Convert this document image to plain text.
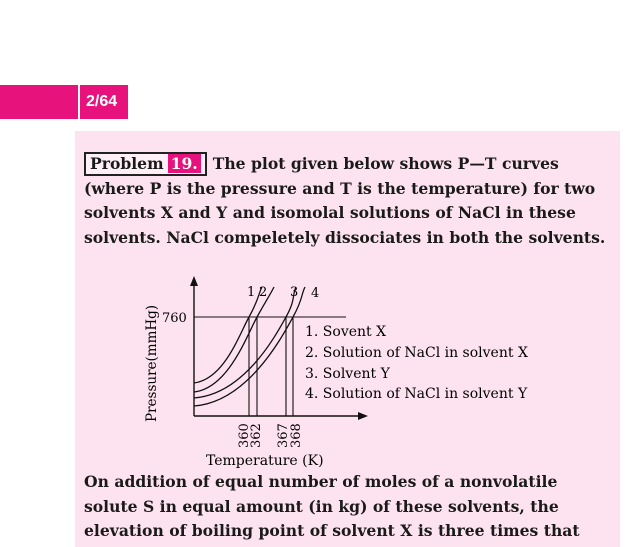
2/64
Problem 19. The plot given below shows P—T curves (where P is the pressure and T is the temperature) for two solvents X and Y and isomolal solutions of NaCl in these solvents. NaCl compeletely dissociates in both the solvents.
760
1 2 3 4
360
362 367
368
Pressure(mmHg)
Temperature (K)
1. Sovent X
2. Solution of NaCl in solvent X
3. Solvent Y
4. Solution of NaCl in solvent Y
On addition of equal number of moles of a nonvolatile solute S in equal amount (in kg) of these solvents, the elevation of boiling point of solvent X is three times that
